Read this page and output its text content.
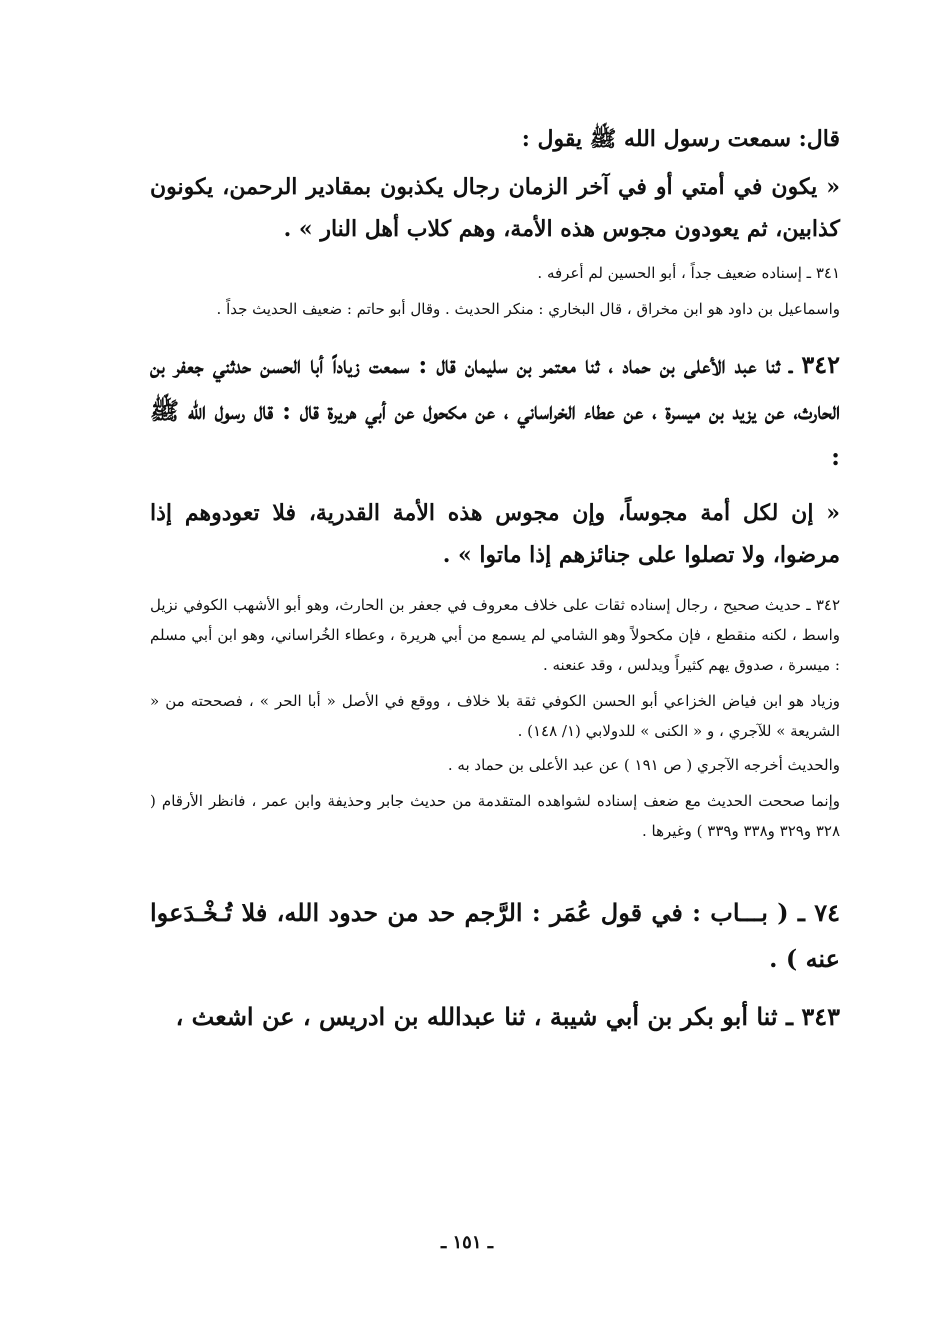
قال: سمعت رسول الله ﷺ يقول :

« يكون في أمتي أو في آخر الزمان رجال يكذبون بمقادير الرحمن، يكونون كذابين، ثم يعودون مجوس هذه الأمة، وهم كلاب أهل النار » .

٣٤١ ـ إسناده ضعيف جداً ، أبو الحسين لم أعرفه .

واسماعيل بن داود هو ابن مخراق ، قال البخاري : منكر الحديث . وقال أبو حاتم : ضعيف الحديث جداً .

٣٤٢ ـ ثنا عبد الأعلى بن حماد ، ثنا معتمر بن سليمان قال : سمعت زياداً أبا الحسن حدثني جعفر بن الحارث، عن يزيد بن ميسرة ، عن عطاء الخراساني ، عن مكحول عن أبي هريرة قال : قال رسول الله ﷺ :

« إن لكل أمة مجوساً، وإن مجوس هذه الأمة القدرية، فلا تعودوهم إذا مرضوا، ولا تصلوا على جنائزهم إذا ماتوا » .

٣٤٢ ـ حديث صحيح ، رجال إسناده ثقات على خلاف معروف في جعفر بن الحارث، وهو أبو الأشهب الكوفي نزيل واسط ، لكنه منقطع ، فإن مكحولاً وهو الشامي لم يسمع من أبي هريرة ، وعطاء الخُراساني، وهو ابن أبي مسلم : ميسرة ، صدوق يهم كثيراً ويدلس ، وقد عنعنه .

وزياد هو ابن فياض الخزاعي أبو الحسن الكوفي ثقة بلا خلاف ، ووقع في الأصل « أبا الحر » ، فصححته من « الشريعة » للآجري ، و « الكنى » للدولابي (١/ ١٤٨) .

والحديث أخرجه الآجري ( ص ١٩١ ) عن عبد الأعلى بن حماد به .

وإنما صححت الحديث مع ضعف إسناده لشواهده المتقدمة من حديث جابر وحذيفة وابن عمر ، فانظر الأرقام ( ٣٢٨ و٣٢٩ و٣٣٨ و٣٣٩ ) وغيرها .

٧٤ ـ ( بـــاب : في قول عُمَر : الرَّجم حد من حدود الله، فلا تُـخْـدَعوا عنه ) .

٣٤٣ ـ ثنا أبو بكر بن أبي شيبة ، ثنا عبدالله بن ادريس ، عن اشعث ،

ـ ١٥١ ـ
